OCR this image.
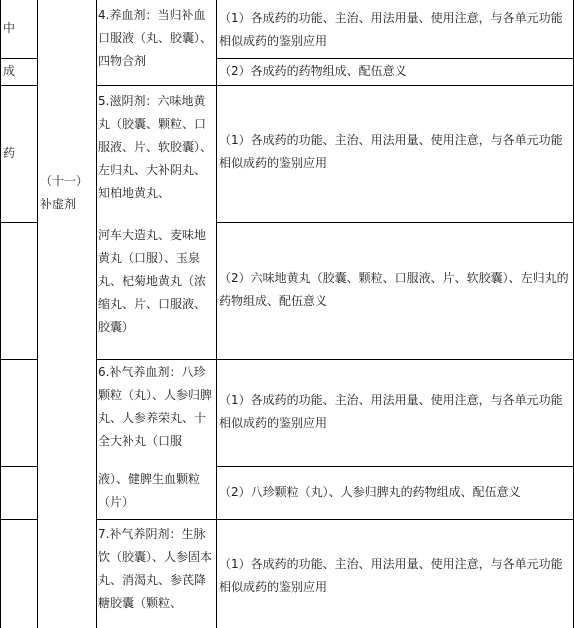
中
成
药
（十一）补虚剂
4.养血剂：当归补血口服液（丸、胶囊）、四物合剂
5.滋阴剂：六味地黄丸（胶囊、颗粒、口服液、片、软胶囊）、左归丸、大补阴丸、知柏地黄丸、
河车大造丸、麦味地黄丸（口服）、玉泉丸、杞菊地黄丸（浓缩丸、片、口服液、胶囊）
6.补气养血剂：八珍颗粒（丸）、人参归脾丸、人参养荣丸、十全大补丸（口服
液）、健脾生血颗粒（片）
7.补气养阴剂：生脉饮（胶囊）、人参固本丸、消渴丸、参芪降糖胶囊（颗粒、
（1）各成药的功能、主治、用法用量、使用注意，与各单元功能相似成药的鉴别应用
（2）各成药的药物组成、配伍意义
（1）各成药的功能、主治、用法用量、使用注意，与各单元功能相似成药的鉴别应用
（2）六味地黄丸（胶囊、颗粒、口服液、片、软胶囊）、左归丸的药物组成、配伍意义
（1）各成药的功能、主治、用法用量、使用注意，与各单元功能相似成药的鉴别应用
（2）八珍颗粒（丸）、人参归脾丸的药物组成、配伍意义
（1）各成药的功能、主治、用法用量、使用注意，与各单元功能相似成药的鉴别应用
